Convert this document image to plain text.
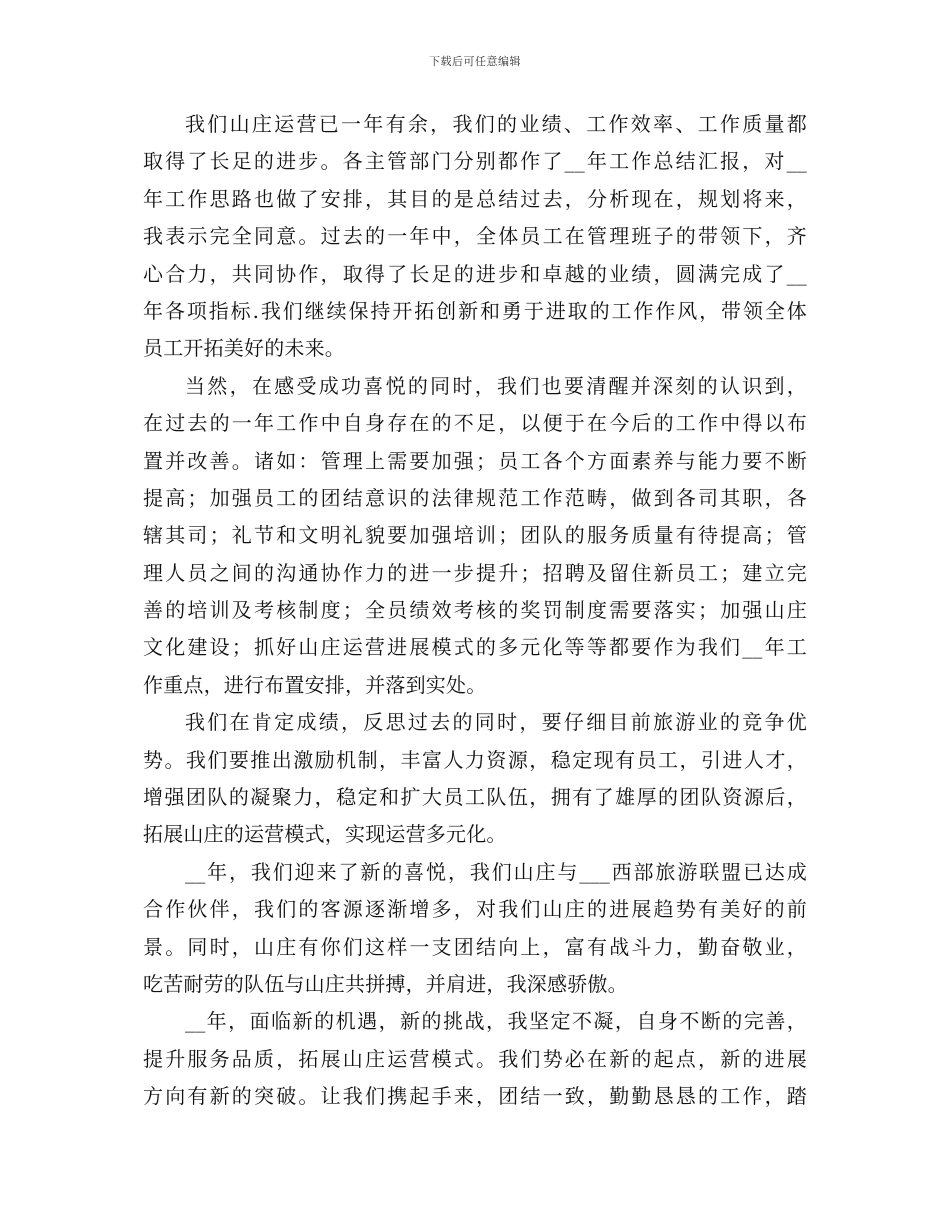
下载后可任意编辑
我们山庄运营已一年有余，我们的业绩、工作效率、工作质量都
取得了长足的进步。各主管部门分别都作了__年工作总结汇报，对__
年工作思路也做了安排，其目的是总结过去，分析现在，规划将来，
我表示完全同意。过去的一年中，全体员工在管理班子的带领下，齐
心合力，共同协作，取得了长足的进步和卓越的业绩，圆满完成了__
年各项指标.我们继续保持开拓创新和勇于进取的工作作风，带领全体
员工开拓美好的未来。
当然，在感受成功喜悦的同时，我们也要清醒并深刻的认识到，
在过去的一年工作中自身存在的不足，以便于在今后的工作中得以布
置并改善。诸如：管理上需要加强；员工各个方面素养与能力要不断
提高；加强员工的团结意识的法律规范工作范畴，做到各司其职，各
辖其司；礼节和文明礼貌要加强培训；团队的服务质量有待提高；管
理人员之间的沟通协作力的进一步提升；招聘及留住新员工；建立完
善的培训及考核制度；全员绩效考核的奖罚制度需要落实；加强山庄
文化建设；抓好山庄运营进展模式的多元化等等都要作为我们__年工
作重点，进行布置安排，并落到实处。
我们在肯定成绩，反思过去的同时，要仔细目前旅游业的竞争优
势。我们要推出激励机制，丰富人力资源，稳定现有员工，引进人才，
增强团队的凝聚力，稳定和扩大员工队伍，拥有了雄厚的团队资源后，
拓展山庄的运营模式，实现运营多元化。
__年，我们迎来了新的喜悦，我们山庄与___西部旅游联盟已达成
合作伙伴，我们的客源逐渐增多，对我们山庄的进展趋势有美好的前
景。同时，山庄有你们这样一支团结向上，富有战斗力，勤奋敬业，
吃苦耐劳的队伍与山庄共拼搏，并肩进，我深感骄傲。
__年，面临新的机遇，新的挑战，我坚定不凝，自身不断的完善，
提升服务品质，拓展山庄运营模式。我们势必在新的起点，新的进展
方向有新的突破。让我们携起手来，团结一致，勤勤恳恳的工作，踏
